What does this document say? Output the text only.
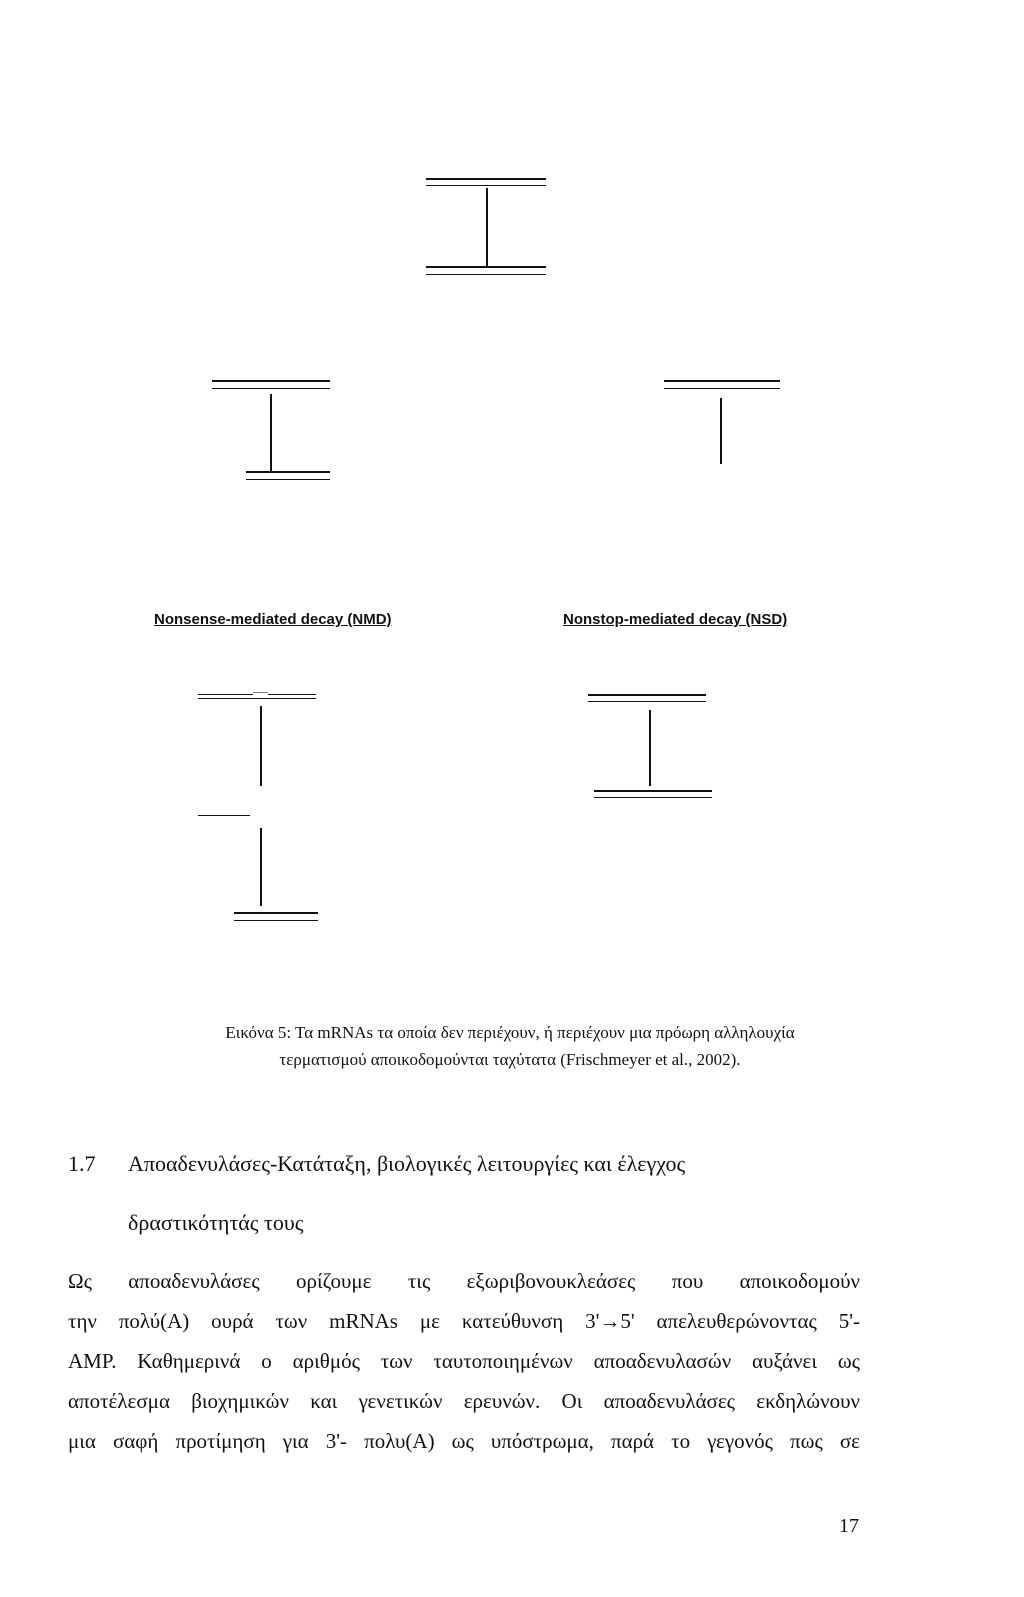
Nonsense-mediated decay (NMD)	Nonstop-mediated decay (NSD)
Εικόνα 5: Τα mRNAs τα οποία δεν περιέχουν, ή περιέχουν μια πρόωρη αλληλουχία
τερματισμού αποικοδομούνται ταχύτατα (Frischmeyer et al., 2002).
1.7 Αποαδενυλάσες-Κατάταξη, βιολογικές λειτουργίες και έλεγχος
δραστικότητάς τους
Ως αποαδενυλάσες ορίζουμε τις εξωριβονουκλεάσες που αποικοδομούν
την πολύ(Α) ουρά των mRNAs με κατεύθυνση 3'→5' απελευθερώνοντας 5'-
AMP. Καθημερινά ο αριθμός των ταυτοποιημένων αποαδενυλασών αυξάνει ως
αποτέλεσμα βιοχημικών και γενετικών ερευνών. Οι αποαδενυλάσες εκδηλώνουν
μια σαφή προτίμηση για 3'- πολυ(Α) ως υπόστρωμα, παρά το γεγονός πως σε
17
